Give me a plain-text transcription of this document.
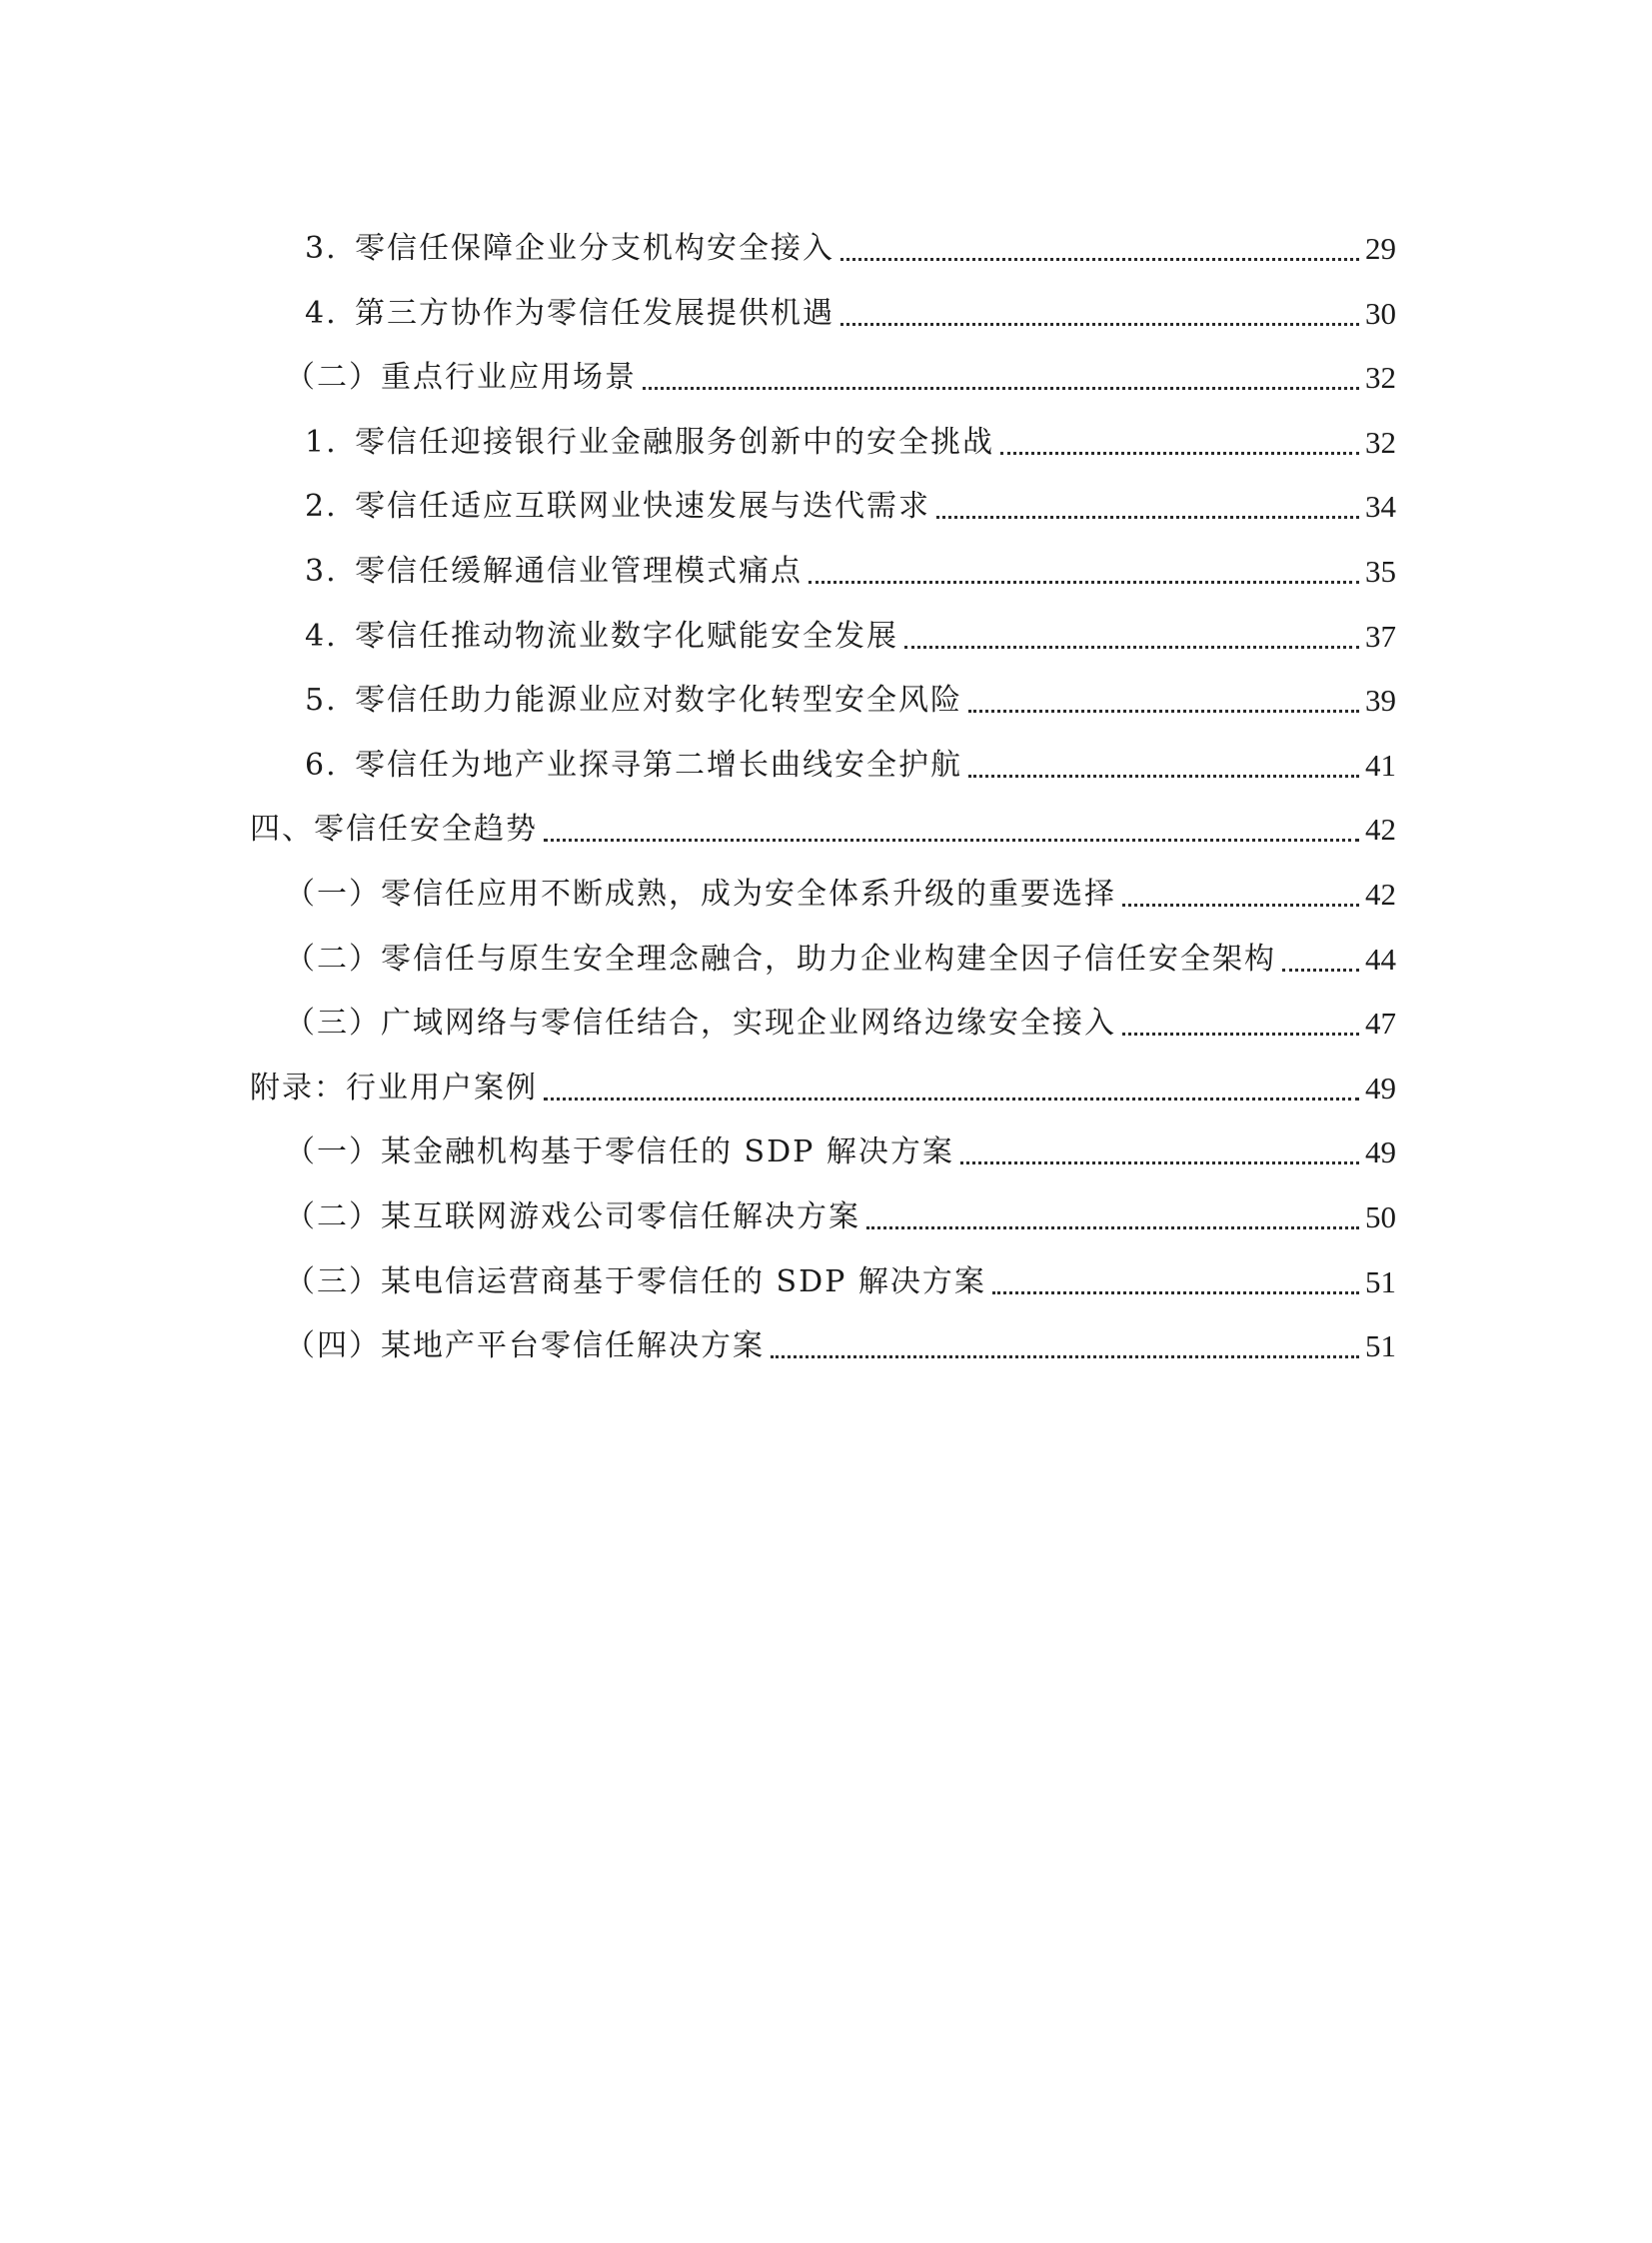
3. 零信任保障企业分支机构安全接入	29
4. 第三方协作为零信任发展提供机遇	30
（二）重点行业应用场景	32
1. 零信任迎接银行业金融服务创新中的安全挑战	32
2. 零信任适应互联网业快速发展与迭代需求	34
3. 零信任缓解通信业管理模式痛点	35
4. 零信任推动物流业数字化赋能安全发展	37
5. 零信任助力能源业应对数字化转型安全风险	39
6. 零信任为地产业探寻第二增长曲线安全护航	41
四、零信任安全趋势	42
（一）零信任应用不断成熟，成为安全体系升级的重要选择	42
（二）零信任与原生安全理念融合，助力企业构建全因子信任安全架构	44
（三）广域网络与零信任结合，实现企业网络边缘安全接入	47
附录：行业用户案例	49
（一）某金融机构基于零信任的 SDP 解决方案	49
（二）某互联网游戏公司零信任解决方案	50
（三）某电信运营商基于零信任的 SDP 解决方案	51
（四）某地产平台零信任解决方案	51
